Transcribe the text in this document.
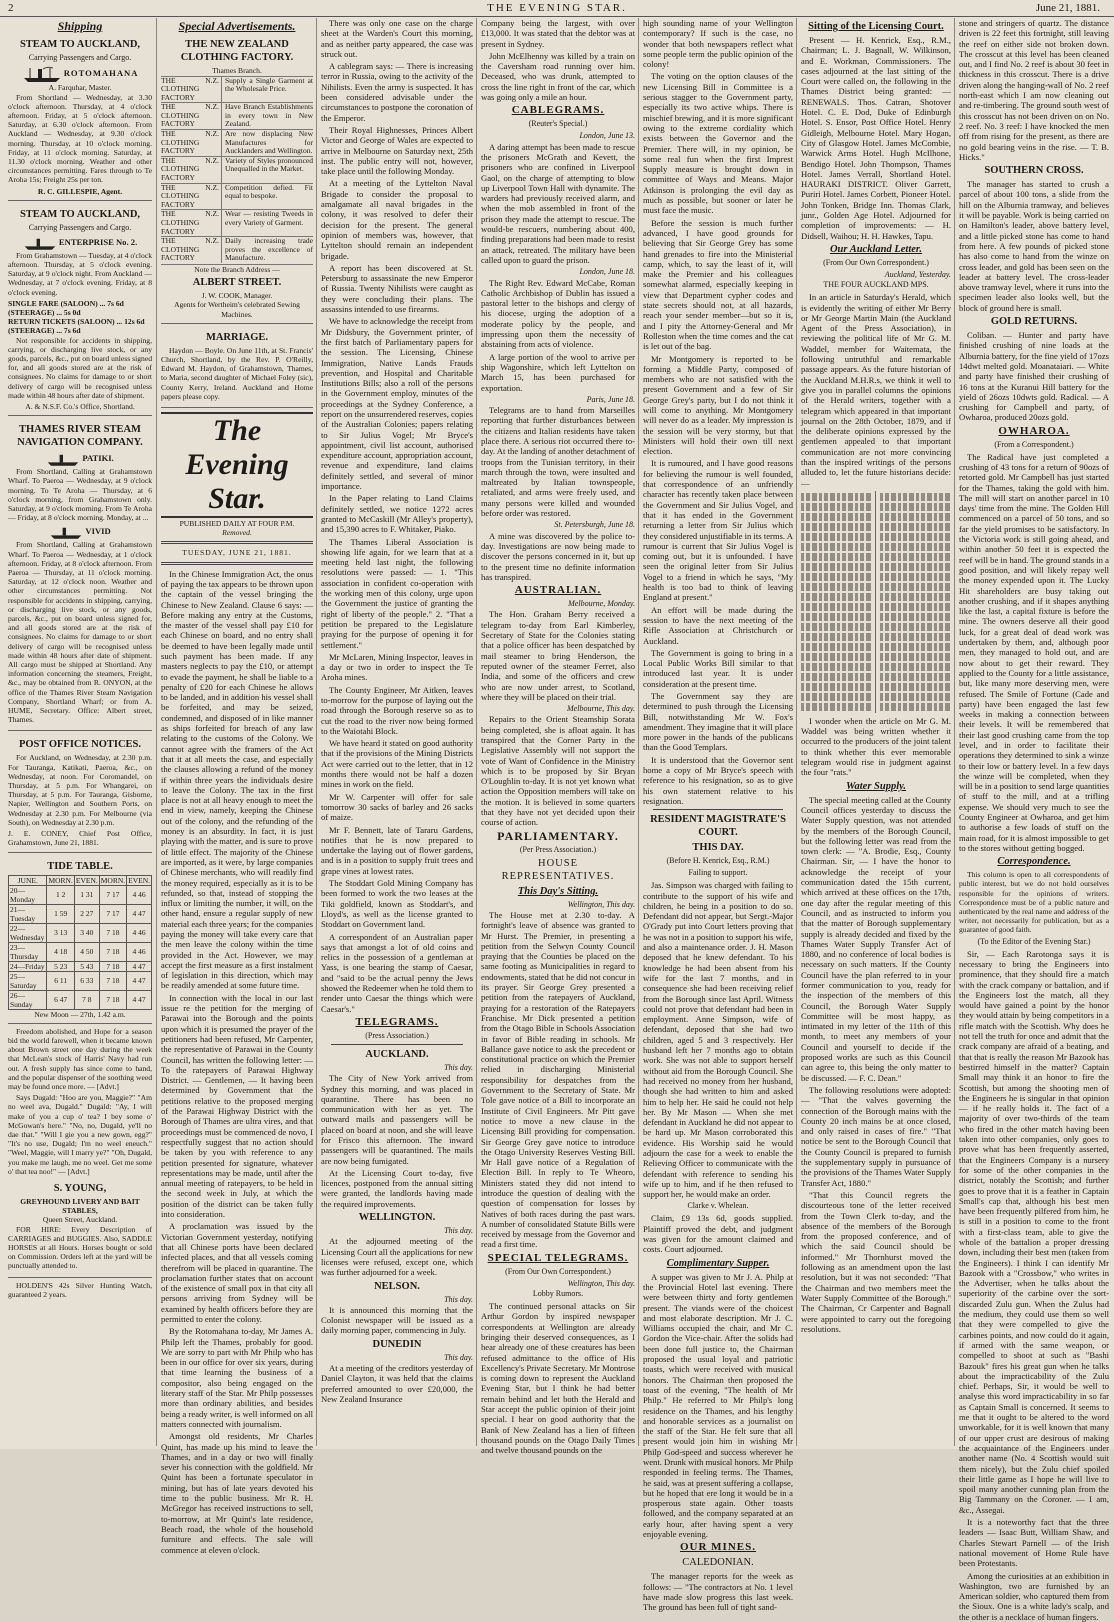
2	THE EVENING STAR.	June 21, 1881.
Shipping
STEAM TO AUCKLAND,
Carrying Passengers and Cargo.
ROTOMAHANA
A. Farquhar, Master.

From Shortland — Wednesday, at 3.30 o'clock afternoon. Thursday, at 4 o'clock afternoon. Friday, at 5 o'clock afternoon. Saturday, at 6.30 o'clock afternoon. From Auckland — Wednesday, at 9.30 o'clock morning. Thursday, at 10 o'clock morning. Friday, at 11 o'clock morning. Saturday, at 11.30 o'clock morning. Weather and other circumstances permitting. Fares through to Te Aroha 15s; Freight 25s per ton.

R. C. GILLESPIE, Agent.
STEAM TO AUCKLAND,
Carrying Passengers and Cargo.
ENTERPRISE No. 2.

From Grahamstown — Tuesday, at 4 o'clock afternoon. Thursday, at 5 o'clock evening. Saturday, at 9 o'clock night. From Auckland — Wednesday, at 7 o'clock evening. Friday, at 8 o'clock evening.

SINGLE FARE (SALOON) ... 7s 6d
(STEERAGE) ... 5s 0d
RETURN TICKETS (SALOON) ... 12s 6d
(STEERAGE) ... 7s 6d

Not responsible for accidents in shipping, carrying, or discharging live stock, or any goods, parcels, &c., put on board unless signed for, and all goods stored are at the risk of consignees. No claims for damage to or short delivery of cargo will be recognised unless made within 48 hours after date of shipment.

A. & N.S.F. Co.'s Office, Shortland.
THAMES RIVER STEAM NAVIGATION COMPANY.
PATIKI.

From Shortland, Calling at Grahamstown Wharf. To Paeroa — Wednesday, at 9 o'clock morning. To Te Aroha — Thursday, at 6 o'clock morning, from Grahamstown only. Saturday, at 9 o'clock morning. From Te Aroha — Friday, at 8 o'clock morning. Monday, at ...

VIVID

From Shortland, Calling at Grahamstown Wharf. To Paeroa — Wednesday, at 1 o'clock afternoon. Friday, at 8 o'clock afternoon. From Paeroa — Thursday, at 11 o'clock morning. Saturday, at 12 o'clock noon. Weather and other circumstances permitting. Not responsible for accidents in shipping, carrying, or discharging live stock, or any goods, parcels, &c., put on board unless signed for, and all goods stored are at the risk of consignees. No claims for damage to or short delivery of cargo will be recognised unless made within 48 hours after date of shipment. All cargo must be shipped at Shortland. Any information concerning the steamers, Freight, &c., may be obtained from R. ONYON, at the office of the Thames River Steam Navigation Company, Shortland Wharf; or from A. HUME, Secretary. Office: Albert street, Thames.

POST OFFICE NOTICES.

For Auckland, on Wednesday, at 2.30 p.m. For Tauranga, Katikati, Paeroa, &c., on Wednesday, at noon. For Coromandel, on Thursday, at 5 p.m. For Whangarei, on Thursday, at 5 p.m. For Tauranga, Gisborne, Napier, Wellington and Southern Ports, on Wednesday at 2.30 p.m. For Melbourne (via South), on Wednesday at 2.30 p.m.

J. E. CONEY, Chief Post Office, Grahamstown, June 21, 1881.
TIDE TABLE.
JUNE.	MORN.	EVEN.	MORN.	EVEN.
20—Monday	1 2	1 31	7 17	4 46
21—Tuesday	1 59	2 27	7 17	4 47
22—Wednesday	3 13	3 40	7 18	4 46
23—Thursday	4 18	4 50	7 18	4 46
24—Friday	5 23	5 43	7 18	4 47
25—Saturday	6 11	6 33	7 18	4 47
26—Sunday	6 47	7 8	7 18	4 47
New Moon — 27th, 1.42 a.m.

Freedom abolished, and Hope for a season bid the world farewell, when it became known about Brown street one day during the week that McLean's stock of Harris' Navy had run out. A fresh supply has since come to hand, and the popular dispenser of the soothing weed may be found once more. — [Advt.]

Says Dugald: "Hoo are you, Maggie?" "Am no weel ava, Dugald." Dugald: "Ay, I will make of you a cup o' tea? I bey some o' McGowan's here." "No, no, Dugald, ye'll no dae that." "Will I gie you a new gown, egg?" "It's no use, Dugald; I'm no weel eneuch." "Weel, Maggie, will I marry ye?" "Oh, Dugald, you make me laugh, me no weel. Get me some o' that tea noo!" — [Advt.]

S. YOUNG,
GREYHOUND LIVERY AND BAIT STABLES,
Queen Street, Auckland.

FOR HIRE: Every Description of CARRIAGES and BUGGIES. Also, SADDLE HORSES at all Hours. Horses bought or sold on Commission. Orders left at the yard will be punctually attended to.

HOLDEN'S 42s Silver Hunting Watch, guaranteed 2 years.

Special Advertisements.
THE NEW ZEALAND CLOTHING FACTORY.
Thames Branch.
THE N.Z. CLOTHING FACTORY
Supply a Single Garment at the Wholesale Price.
THE N.Z. CLOTHING FACTORY
Have Branch Establishments in every town in New Zealand.
THE N.Z. CLOTHING FACTORY
Are now displacing New Manufactures for Aucklanders and Wellington.
THE N.Z. CLOTHING FACTORY
Variety of Styles pronounced Unequalled in the Market.
THE N.Z. CLOTHING FACTORY
Competition defied. Fit equal to bespoke.
THE N.Z. CLOTHING FACTORY
Wear — resisting Tweeds in every Variety of Garment.
THE N.Z. CLOTHING FACTORY
Daily increasing trade proves the excellence of Manufacture.
Note the Branch Address —
ALBERT STREET.
J. W. COOK, Manager.
Agents for Wertheim's celebrated Sewing Machines.
MARRIAGE.

Haydon — Boyle. On June 11th, at St. Francis' Church, Shortland, by the Rev. P. O'Reilly, Edward M. Haydon, of Grahamstown, Thames, to Maria, second daughter of Michael Foley (sic), County Kerry, Ireland. Auckland and Home papers please copy.

The Evening Star.
PUBLISHED DAILY AT FOUR P.M.
Removed.
TUESDAY, JUNE 21, 1881.

In the Chinese Immigration Act, the onus of paying the tax appears to be thrown upon the captain of the vessel bringing the Chinese to New Zealand. Clause 6 says: — Before making any entry at the Customs, the master of the vessel shall pay £10 for each Chinese on board, and no entry shall be deemed to have been legally made until such payment has been made. If any masters neglects to pay the £10, or attempt to evade the payment, he shall be liable to a penalty of £20 for each Chinese he allows to be landed, and in addition his vessel shall be forfeited, and may be seized, condemned, and disposed of in like manner as ships forfeited for breach of any law relating to the customs of the Colony. We cannot agree with the framers of the Act that it at all meets the case, and especially the clauses allowing a refund of the money if within three years the individuals desire to leave the Colony. The tax in the first place is not at all heavy enough to meet the end in view, namely, keeping the Chinese out of the colony, and the refunding of the money is an absurdity. In fact, it is just playing with the matter, and is sure to prove of little effect. The majority of the Chinese are imported, as it were, by large companies of Chinese merchants, who will readily find the money required, especially as it is to be refunded, so that, instead of stopping the influx or limiting the number, it will, on the other hand, ensure a regular supply of new material each three years; for the companies paying the money will take every care that the men leave the colony within the time provided in the Act. However, we may accept the first measure as a first instalment of legislation in this direction, which may be readily amended at some future time.

In connection with the local in our last issue re the petition for the merging of Parawai into the Borough and the points upon which it is presumed the prayer of the petitioners had been refused, Mr Carpenter, the representative of Parawai in the County Council, has written the following letter: — To the ratepayers of Parawai Highway District. — Gentlemen, — It having been determined by Government that the petitions relative to the proposed merging of the Parawai Highway District with the Borough of Thames are ultra vires, and that proceedings must be commenced de novo, I respectfully suggest that no action should be taken by you with reference to any petition presented for signature, whatever representations may be made, until after the annual meeting of ratepayers, to be held in the second week in July, at which the position of the district can be taken fully into consideration.

A proclamation was issued by the Victorian Government yesterday, notifying that all Chinese ports have been declared infected places, and that all vessels coming therefrom will be placed in quarantine. The proclamation further states that on account of the existence of small pox in that city all persons arriving from Sydney will be examined by health officers before they are permitted to enter the colony.

By the Rotomahana to-day, Mr James A. Philp left the Thames, probably for good. We are sorry to part with Mr Philp who has been in our office for over six years, during that time learning the business of a compositor, also being engaged on the literary staff of the Star. Mr Philp possesses more than ordinary abilities, and besides being a ready writer, is well informed on all matters connected with journalism.

Amongst old residents, Mr Charles Quint, has made up his mind to leave the Thames, and in a day or two will finally sever his connection with the goldfield. Mr Quint has been a fortunate speculator in mining, but has of late years devoted his time to the public business. Mr R. H. McGregor has received instructions to sell, to-morrow, at Mr Quint's late residence, Beach road, the whole of the household furniture and effects. The sale will commence at eleven o'clock.

There was only one case on the charge sheet at the Warden's Court this morning, and as neither party appeared, the case was struck out.

A cablegram says: — There is increasing terror in Russia, owing to the activity of the Nihilists. Even the army is suspected. It has been considered advisable under the circumstances to postpone the coronation of the Emperor.

Their Royal Highnesses, Princes Albert Victor and George of Wales are expected to arrive in Melbourne on Saturday next, 25th inst. The public entry will not, however, take place until the following Monday.

At a meeting of the Lyttelton Naval Brigade to consider the proposal to amalgamate all naval brigades in the colony, it was resolved to defer their decision for the present. The general opinion of members was, however, that Lyttelton should remain an independent brigade.

A report has been discovered at St. Petersburg to assassinate the new Emperor of Russia. Twenty Nihilists were caught as they were concluding their plans. The assassins intended to use firearms.

We have to acknowledge the receipt from Mr Didsbury, the Government printer, of the first batch of Parliamentary papers for the session. The Licensing, Chinese Immigration, Native Lands Frauds prevention, and Hospital and Charitable Institutions Bills; also a roll of the persons in the Government employ, minutes of the proceedings at the Sydney Conference, a report on the unsurrendered reserves, copies of the Australian Colonies; papers relating to Sir Julius Vogel; Mr Bryce's appointment, civil list account, authorised expenditure account, appropriation account, revenue and expenditure, land claims definitely settled, and several of minor importance.

In the Paper relating to Land Claims definitely settled, we notice 1272 acres granted to McCaskill (Mr Alley's property), and 15,390 acres to F. Whitaker, Piako.

The Thames Liberal Association is showing life again, for we learn that at a meeting held last night, the following resolutions were passed: — 1. "This association in confident co-operation with the working men of this colony, urge upon the Government the justice of granting the right of liberty of the people." 2. "That a petition be prepared to the Legislature praying for the purpose of opening it for settlement."

Mr McLaren, Mining Inspector, leaves in a day or two in order to inspect the Te Aroha mines.

The County Engineer, Mr Aitken, leaves to-morrow for the purpose of laying out the road through the Borough reserve so as to cut the road to the river now being formed to the Waiotahi Block.

We have heard it stated on good authority that if the provisions of the Mining Districts Act were carried out to the letter, that in 12 months there would not be half a dozen mines in work on the field.

Mr W. Carpenter will offer for sale tomorrow 30 sacks of barley and 26 sacks of maize.

Mr F. Bennett, late of Tararu Gardens, notifies that he is now prepared to undertake the laying out of flower gardens, and is in a position to supply fruit trees and grape vines at lowest rates.

The Stoddart Gold Mining Company has been formed to work the two leases at the Tiki goldfield, known as Stoddart's, and Lloyd's, as well as the license granted to Stoddart on Government land.

A correspondent of an Australian paper says that amongst a lot of old coins and relics in the possession of a gentleman at Yass, is one bearing the stamp of Caesar, and "said to be the actual penny the Jews showed the Redeemer when he told them to render unto Caesar the things which were Caesar's."

TELEGRAMS.
(Press Association.)
AUCKLAND.
This day.

The City of New York arrived from Sydney this morning, and was placed in quarantine. There has been no communication with her as yet. The outward mails and passengers will be placed on board at noon, and she will leave for Frisco this afternoon. The inward passengers will be quarantined. The mails are now being fumigated.

At the Licensing Court to-day, five licences, postponed from the annual sitting were granted, the landlords having made the required improvements.

WELLINGTON.
This day.

At the adjourned meeting of the Licensing Court all the applications for new licenses were refused, except one, which was further adjourned for a week.

NELSON.
This day.

It is announced this morning that the Colonist newspaper will be issued as a daily morning paper, commencing in July.

DUNEDIN
This day.

At a meeting of the creditors yesterday of Daniel Clayton, it was held that the claims preferred amounted to over £20,000, the New Zealand Insurance

Company being the largest, with over £13,000. It was stated that the debtor was at present in Sydney.

John McElhenny was killed by a train on the Caversham road running over him. Deceased, who was drunk, attempted to cross the line right in front of the car, which was going only a mile an hour.

CABLEGRAMS.
(Reuter's Special.)
London, June 13.

A daring attempt has been made to rescue the prisoners McGrath and Kevett, the prisoners who are confined in Liverpool Gaol, on the charge of attempting to blow up Liverpool Town Hall with dynamite. The warders had previously received alarm, and when the mob assembled in front of the prison they made the attempt to rescue. The would-be rescuers, numbering about 400, finding preparations had been made to resist an attack, retreated. The military have been called upon to guard the prison.

London, June 18.

The Right Rev. Edward McCabe, Roman Catholic Archbishop of Dublin has issued a pastoral letter to the bishops and clergy of his diocese, urging the adoption of a moderate policy by the people, and impressing upon them the necessity of abstaining from acts of violence.

A large portion of the wool to arrive per ship Wagonshire, which left Lyttelton on March 15, has been purchased for exportation.

Paris, June 18.

Telegrams are to hand from Marseilles reporting that further disturbances between the citizens and Italian residents have taken place there. A serious riot occurred there to-day. At the landing of another detachment of troops from the Tunisian territory, in their march through the town, were insulted and maltreated by Italian townspeople, retaliated, and arms were freely used, and many persons were killed and wounded before order was restored.

St. Petersburgh, June 18.

A mine was discovered by the police to-day. Investigations are now being made to discover the persons concerned in it, but up to the present time no definite information has transpired.

AUSTRALIAN.
Melbourne, Monday.

The Hon. Graham Berry received a telegram to-day from Earl Kimberley, Secretary of State for the Colonies stating that a police officer has been despatched by mail steamer to bring Henderson, the reputed owner of the steamer Ferret, also India, and some of the officers and crew who are now under arrest, to Scotland, where they will be placed on their trial.

Melbourne, This day.

Repairs to the Orient Steamship Sorata being completed, she is afloat again. It has transpired that the Corner Party in the Legislative Assembly will not support the vote of Want of Confidence in the Ministry which is to be proposed by Sir Bryan O'Loughlin to-day. It is not yet known what action the Opposition members will take on the motion. It is believed in some quarters that they have not yet decided upon their course of action.

PARLIAMENTARY.
(Per Press Association.)
HOUSE REPRESENTATIVES.
This Day's Sitting.
Wellington, This day.

The House met at 2.30 to-day. A fortnight's leave of absence was granted to Mr Hurst. The Premier, in presenting a petition from the Selwyn County Council praying that the Counties be placed on the same footing as Municipalities in regard to endowments, stated that he did not concur in its prayer. Sir George Grey presented a petition from the ratepayers of Auckland, praying for a restoration of the Ratepayers Franchise. Mr Dick presented a petition from the Otago Bible in Schools Association in favor of Bible reading in schools. Mr Ballance gave notice to ask the precedent or constitutional practice on which the Premier relied in discharging Ministerial responsibility for despatches from the Government to the Secretary of State. Mr Tole gave notice of a Bill to incorporate an Institute of Civil Engineers. Mr Pitt gave notice to move a new clause in the Licensing Bill providing for compensation. Sir George Grey gave notice to introduce the Otago University Reserves Vesting Bill. Mr Hall gave notice of a Regulation of Election Bill. In reply to Te Wheoro, Ministers stated they did not intend to introduce the question of dealing with the question of compensation for losses by Natives of both races during the past wars. A number of consolidated Statute Bills were received by message from the Governor and read a first time.

SPECIAL TELEGRAMS.
(From Our Own Correspondent.)
Wellington, This day.
Lobby Rumors.

The continued personal attacks on Sir Arthur Gordon by inspired newspaper correspondents at Wellington are already bringing their deserved consequences, as I hear already one of these creatures has been refused admittance to the office of His Excellency's Private Secretary. Mr Montrose is coming down to represent the Auckland Evening Star, but I think he had better remain behind and let both the Herald and Star accept the public opinion of their joint special. I hear on good authority that the Bank of New Zealand has a lien of fifteen thousand pounds on the Otago Daily Times and twelve thousand pounds on the

high sounding name of your Wellington contemporary? If such is the case, no wonder that both newspapers reflect what some people term the public opinion of the colony!

The voting on the option clauses of the new Licensing Bill in Committee is a serious stagger to the Government party, especially its two active whips. There is mischief brewing, and it is more significant owing to the extreme cordiality which exists between the Governor and the Premier. There will, in my opinion, be some real fun when the first Imprest Supply measure is brought down in committee of Ways and Means. Major Atkinson is prolonging the evil day as much as possible, but sooner or later he must face the music.

Before the session is much further advanced, I have good grounds for believing that Sir George Grey has some hand grenades to fire into the Ministerial camp, which, to say the least of it, will make the Premier and his colleagues somewhat alarmed, especially keeping in view that Department cypher codes and state secrets should not, at all hazards, reach your sender member—but so it is, and I pity the Attorney-General and Mr Rolleston when the time comes and the cat is let out of the bag.

Mr Montgomery is reported to be forming a Middle Party, composed of members who are not satisfied with the present Government and a few of Sir George Grey's party, but I do not think it will come to anything. Mr Montgomery will never do as a leader. My impression is the session will be very stormy, but that Ministers will hold their own till next election.

It is rumoured, and I have good reasons for believing the rumour is well founded, that correspondence of an unfriendly character has recently taken place between the Government and Sir Julius Vogel, and that it has ended in the Government returning a letter from Sir Julius which they considered unjustifiable in its terms. A rumour is current that Sir Julius Vogel is coming out, but it is unfounded. I have seen the original letter from Sir Julius Vogel to a friend in which he says, "My health is too bad to think of leaving England at present."

An effort will be made during the session to have the next meeting of the Rifle Association at Christchurch or Auckland.

The Government is going to bring in a Local Public Works Bill similar to that introduced last year. It is under consideration at the present time.

The Government say they are determined to push through the Licensing Bill, notwithstanding Mr W. Fox's amendment. They imagine that it will place more power in the hands of the publicans than the Good Templars.

It is understood that the Governor sent home a copy of Mr Bryce's speech with reference to his resignation, so as to give his own statement relative to his resignation.

RESIDENT MAGISTRATE'S COURT.
THIS DAY.
(Before H. Kenrick, Esq., R.M.)
Failing to support.

Jas. Simpson was charged with failing to contribute to the support of his wife and children, he being in a position to do so. Defendant did not appear, but Sergt.-Major O'Grady put into Court letters proving that he was not in a position to support his wife, and also a maintenance order. J. H. Mason deposed that he knew defendant. To his knowledge he had been absent from his wife for the last 7 months, and in consequence she had been receiving relief from the Borough since last April. Witness could not prove that defendant had been in employment. Anne Simpson, wife of defendant, deposed that she had two children, aged 5 and 3 respectively. Her husband left her 7 months ago to obtain work. She was not able to support herself without aid from the Borough Council. She had received no money from her husband, though she had written to him and asked him to help her. He said he could not help her. By Mr Mason — When she met defendant in Auckland he did not appear to be hard up. Mr Mason corroborated this evidence. His Worship said he would adjourn the case for a week to enable the Relieving Officer to communicate with the defendant with reference to sending his wife up to him, and if he then refused to support her, he would make an order.

Clarke v. Whelean.

Claim, £9 13s 6d, goods supplied. Plaintiff proved the debt, and judgment was given for the amount claimed and costs. Court adjourned.

Complimentary Supper.

A supper was given to Mr J. A. Philp at the Provincial Hotel last evening. There were between thirty and forty gentlemen present. The viands were of the choicest and most elaborate description. Mr J. C. Williams occupied the chair, and Mr C. Gordon the Vice-chair. After the solids had been done full justice to, the Chairman proposed the usual loyal and patriotic toasts, which were received with musical honors. The Chairman then proposed the toast of the evening, "The health of Mr Philp." He referred to Mr Philp's long residence on the Thames, and his lengthy and honorable services as a journalist on the staff of the Star. He felt sure that all present would join him in wishing Mr Philp God-speed and success wherever he went. Drunk with musical honors. Mr Philp responded in feeling terms. The Thames, he said, was at present suffering a collapse, but he hoped that ere long it would be in a prosperous state again. Other toasts followed, and the company separated at an early hour, after having spent a very enjoyable evening.

OUR MINES.
CALEDONIAN.

The manager reports for the week as follows: — "The contractors at No. 1 level have made slow progress this last week. The ground has been full of tight sand-

Sitting of the Licensing Court.

Present — H. Kenrick, Esq., R.M., Chairman; L. J. Bagnall, W. Wilkinson, and E. Workman, Commissioners. The cases adjourned at the last sitting of the Court were called on, the following in the Thames District being granted: — RENEWALS. Thos. Catran, Shotover Hotel. C. E. Dod, Duke of Edinburgh Hotel. S. Ensor, Post Office Hotel. Henry Gidleigh, Melbourne Hotel. Mary Hogan, City of Glasgow Hotel. James McCombie, Warwick Arms Hotel. Hugh McIlhone, Bendigo Hotel. John Thompson, Thames Hotel. James Verrall, Shortland Hotel. HAURAKI DISTRICT. Oliver Garrett, Puriri Hotel. James Corbett, Pioneer Hotel. John Tonken, Bridge Inn. Thomas Clark, junr., Golden Age Hotel. Adjourned for completion of improvements: — H. Didsell, Waihou; H. H. Hawkes, Tapu.

Our Auckland Letter.
(From Our Own Correspondent.)
Auckland, Yesterday.
THE FOUR AUCKLAND MPS.

In an article in Saturday's Herald, which is evidently the writing of either Mr Berry or Mr George Martin Main (the Auckland Agent of the Press Association), in reviewing the political life of Mr G. M. Waddel, member for Waitemata, the following untruthful and remarkable passage appears. As the future historian of the Auckland M.H.R.s, we think it well to give you in parallel columns the opinions of the Herald writers, together with a telegram which appeared in that important journal on the 28th October, 1879, and if the deliberate opinions expressed by the gentlemen appealed to that important communication are not more convincing than the inspired writings of the persons alluded to, let the future historians decide: —

I wonder when the article on Mr G. M. Waddel was being written whether it occurred to the producers of the joint talent to think whether this ever memorable telegram would rise in judgment against the four "rats."

Water Supply.

The special meeting called at the County Council offices yesterday to discuss the Water Supply question, was not attended by the members of the Borough Council, but the following letter was read from the town clerk: — "A. Brodie, Esq., County Chairman. Sir, — I have the honor to acknowledge the receipt of your communication dated the 15th current, which arrived at these offices on the 17th, one day after the regular meeting of this Council, and as instructed to inform you that the matter of Borough supplementary supply is already decided and fixed by the Thames Water Supply Transfer Act of 1880, and no conference of local bodies is necessary on such matters. If the County Council have the plan referred to in your former communication to you, ready for the inspection of the members of this Council, the Borough Water Supply Committee will be most happy, as intimated in my letter of the 11th of this month, to meet any members of your Council and yourself to decide if the proposed works are such as this Council can agree to, this being the only matter to be discussed. — F. C. Dean."

The following resolutions were adopted: — "That the valves governing the connection of the Borough mains with the County 20 inch mains be at once closed, and only raised in cases of fire." "That notice be sent to the Borough Council that the County Council is prepared to furnish the supplementary supply in pursuance of the provisions of the Thames Water Supply Transfer Act, 1880."

"That this Council regrets the discourteous tone of the letter received from the Town Clerk to-day, and the absence of the members of the Borough from the proposed conference, and of which the said Council should be informed." Mr Thornhurst moved the following as an amendment upon the last resolution, but it was not seconded: "That the Chairman and two members meet the Water Supply Committee of the Borough." The Chairman, Cr Carpenter and Bagnall were appointed to carry out the foregoing resolutions.

stone and stringers of quartz. The distance driven is 22 feet this fortnight, still leaving the reef on either side not broken down. The crosscut at this level has been cleaned out, and I find No. 2 reef is about 30 feet in thickness in this crosscut. There is a drive driven along the hanging-wall of No. 2 reef north-east which I am now cleaning out and re-timbering. The ground south west of this crosscut has not been driven on on No. 2 reef. No. 3 reef: I have knocked the men off from rising for the present, as there are no gold bearing veins in the rise. — T. B. Hicks."

SOUTHERN CROSS.

The manager has started to crush a parcel of about 100 tons, a slide from the hill on the Alburnia tramway, and believes it will be payable. Work is being carried on on Hamilton's leader, above battery level, and a little picked stone has come to hand from here. A few pounds of picked stone has also come to hand from the winze on cross leader, and gold has been seen on the leader at battery level. The cross-leader above tramway level, where it runs into the specimen leader also looks well, but the block of ground here is small.

GOLD RETURNS.

Coliban. — Hunter and party have finished crushing of nine loads at the Alburnia battery, for the fine yield of 17ozs 14dwt melted gold. Moanataiari. — White and party have finished their crushing of 16 tons at the Kuranui Hill battery for the yield of 26ozs 10dwts gold. Radical. — A crushing for Campbell and party, of Owharoa, produced 20ozs gold.

OWHAROA.
(From a Correspondent.)

The Radical have just completed a crushing of 43 tons for a return of 90ozs of retorted gold. Mr Campbell has just started for the Thames, taking the gold with him. The mill will start on another parcel in 10 days' time from the mine. The Golden Hill commenced on a parcel of 50 tons, and so far the yield promises to be satisfactory. In the Victoria work is still going ahead, and within another 50 feet it is expected the reef will be in hand. The ground stands in a good position, and will likely repay well the money expended upon it. The Lucky Hit shareholders are busy taking out another crushing, and if it shapes anything like the last, a capital fixture is before the mine. The owners deserve all their good luck, for a great deal of dead work was undertaken by them, and, although poor men, they managed to hold out, and are now about to get their reward. They applied to the County for a little assistance, but, like many more deserving men, were refused. The Smile of Fortune (Cade and party) have been engaged the last few weeks in making a connection between their levels. It will be remembered that their last good crushing came from the top level, and in order to facilitate their operations they determined to sink a winze to their low or battery level. In a few days the winze will be completed, when they will be in a position to send large quantities of stuff to the mill, and at a trifling expense. We should very much to see the County Engineer at Owharoa, and get him to authorise a few loads of stuff on the main road, for it is almost impossible to get to the stores without getting bogged.

Correspondence.

This column is open to all correspondents of public interest, but we do not hold ourselves responsible for the opinions of writers. Correspondence must be of a public nature and authenticated by the real name and address of the writer, not necessarily for publication, but as a guarantee of good faith.

(To the Editor of the Evening Star.)

Sir, — Each Rarotonga says it is necessary to bring the Engineers into prominence, that they should fire a match with the crack company or battalion, and if the Engineers lost the match, all they would have gained a point by the honor they would attain by being competitors in a rifle match with the Scottish. Why does he not tell the truth for once and admit that the crack company are afraid of a beating, and that that is really the reason Mr Bazook has bestirred himself in the matter? Captain Small may think it an honor to fire the Scottish, but among the shooting men of the Engineers he is singular in that opinion — if he really holds it. The fact of a majority of over two-thirds of the team who fired in the other match having been taken into other companies, only goes to prove what has been frequently asserted, that the Engineers Company is a nursery for some of the other companies in the district, notably the Scottish; and further goes to prove that it is a feather in Captain Small's cap that, although his best men have been frequently pilfered from him, he is still in a position to come to the front with a first-class team, able to give the whole of the battalion a proper dressing down, including their best men (taken from the Engineers). I think I can identify Mr Bazook with a "Crossbow," who writes in the Advertiser, when he talks about the superiority of the carbine over the sort-discarded Zulu gun. When the Zulus had the medium, they could use them so well that they were compelled to give the carbines points, and now could do it again, if armed with the same weapon, or compelled to shoot at such as "Bashi Bazouk" fires his great gun when he talks about the impracticability of the Zulu chief. Perhaps, Sir, it would be well to analyse this word impracticability in so far as Captain Small is concerned. It seems to me that it ought to be altered to the word unworkable, for it is well known that many of our upper crust are desirous of making the acquaintance of the Engineers under another name (No. 4 Scottish would suit them nicely), but the Zulu chief spoiled their little game as I hope he will live to spoil many another cunning plan from the Big Tammany on the Coroner. — I am, &c., Assegai.

It is a noteworthy fact that the three leaders — Isaac Butt, William Shaw, and Charles Stewart Parnell — of the Irish national movement of Home Rule have been Protestants.

Among the curiosities at an exhibition in Washington, two are furnished by an American soldier, who captured them from the Sioux. One is a white lady's scalp, and the other is a necklace of human fingers.
